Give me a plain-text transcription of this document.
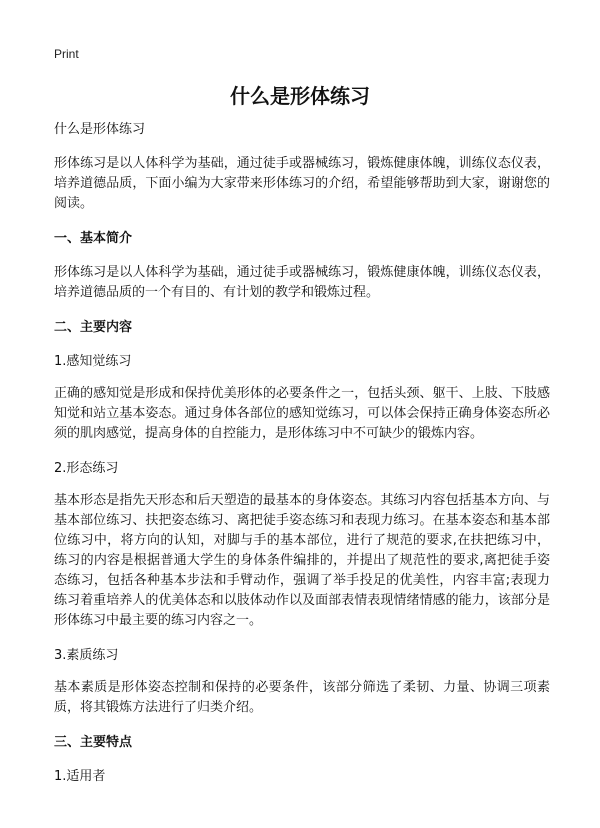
Print
什么是形体练习
什么是形体练习

形体练习是以人体科学为基础，通过徒手或器械练习，锻炼健康体魄，训练仪态仪表，培养道德品质，下面小编为大家带来形体练习的介绍，希望能够帮助到大家，谢谢您的阅读。

一、基本简介

形体练习是以人体科学为基础，通过徒手或器械练习，锻炼健康体魄，训练仪态仪表，培养道德品质的一个有目的、有计划的教学和锻炼过程。

二、主要内容
1.感知觉练习

正确的感知觉是形成和保持优美形体的必要条件之一，包括头颈、躯干、上肢、下肢感知觉和站立基本姿态。通过身体各部位的感知觉练习，可以体会保持正确身体姿态所必须的肌肉感觉，提高身体的自控能力，是形体练习中不可缺少的锻炼内容。

2.形态练习

基本形态是指先天形态和后天塑造的最基本的身体姿态。其练习内容包括基本方向、与基本部位练习、扶把姿态练习、离把徒手姿态练习和表现力练习。在基本姿态和基本部位练习中，将方向的认知，对脚与手的基本部位，进行了规范的要求,在扶把练习中，练习的内容是根据普通大学生的身体条件编排的，并提出了规范性的要求,离把徒手姿态练习，包括各种基本步法和手臂动作，强调了举手投足的优美性，内容丰富;表现力练习着重培养人的优美体态和以肢体动作以及面部表情表现情绪情感的能力，该部分是形体练习中最主要的练习内容之一。

3.素质练习

基本素质是形体姿态控制和保持的必要条件，该部分筛选了柔韧、力量、协调三项素质，将其锻炼方法进行了归类介绍。

三、主要特点
1.适用者
